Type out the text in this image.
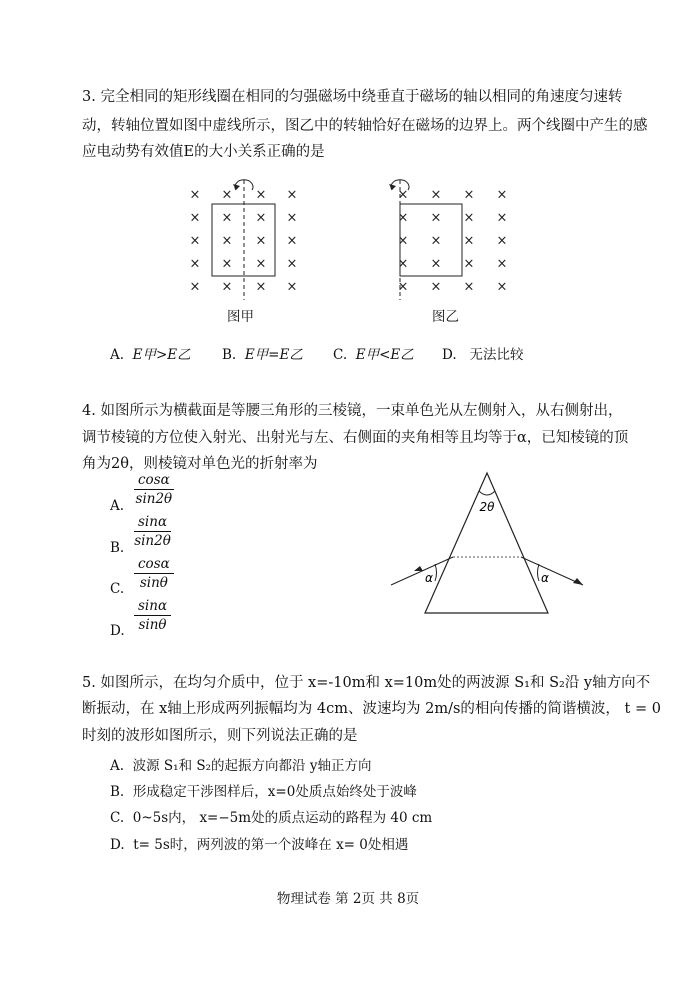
3. 完全相同的矩形线圈在相同的匀强磁场中绕垂直于磁场的轴以相同的角速度匀速转
动，转轴位置如图中虚线所示，图乙中的转轴恰好在磁场的边界上。两个线圈中产生的感
应电动势有效值E的大小关系正确的是
× × × ×
× × × ×
× × × ×
× × × ×
× × × ×
图甲
× × × ×
× × × ×
× × × ×
× × × ×
× × × ×
图乙
A. E甲>E乙 B. E甲=E乙 C. E甲<E乙 D. 无法比较
4. 如图所示为横截面是等腰三角形的三棱镜，一束单色光从左侧射入，从右侧射出，
调节棱镜的方位使入射光、出射光与左、右侧面的夹角相等且均等于α，已知棱镜的顶
角为2θ，则棱镜对单色光的折射率为
A. $\frac{\cos\alpha}{\sin 2\theta}$
B. $\frac{\sin\alpha}{\sin 2\theta}$
C. $\frac{\cos\alpha}{\sin\theta}$
D. $\frac{\sin\alpha}{\sin\theta}$
2θ
α	α
5. 如图所示，在均匀介质中，位于 x=-10m和 x=10m处的两波源 S₁和 S₂沿 y轴方向不
断振动，在 x轴上形成两列振幅均为 4cm、波速均为 2m/s的相向传播的简谐横波， t = 0
时刻的波形如图所示，则下列说法正确的是
A. 波源 S₁和 S₂的起振方向都沿 y轴正方向
B. 形成稳定干涉图样后，x=0处质点始终处于波峰
C. 0~5s内， x=−5m处的质点运动的路程为 40 cm
D. t= 5s时，两列波的第一个波峰在 x= 0处相遇
物理试卷 第 2页 共 8页
